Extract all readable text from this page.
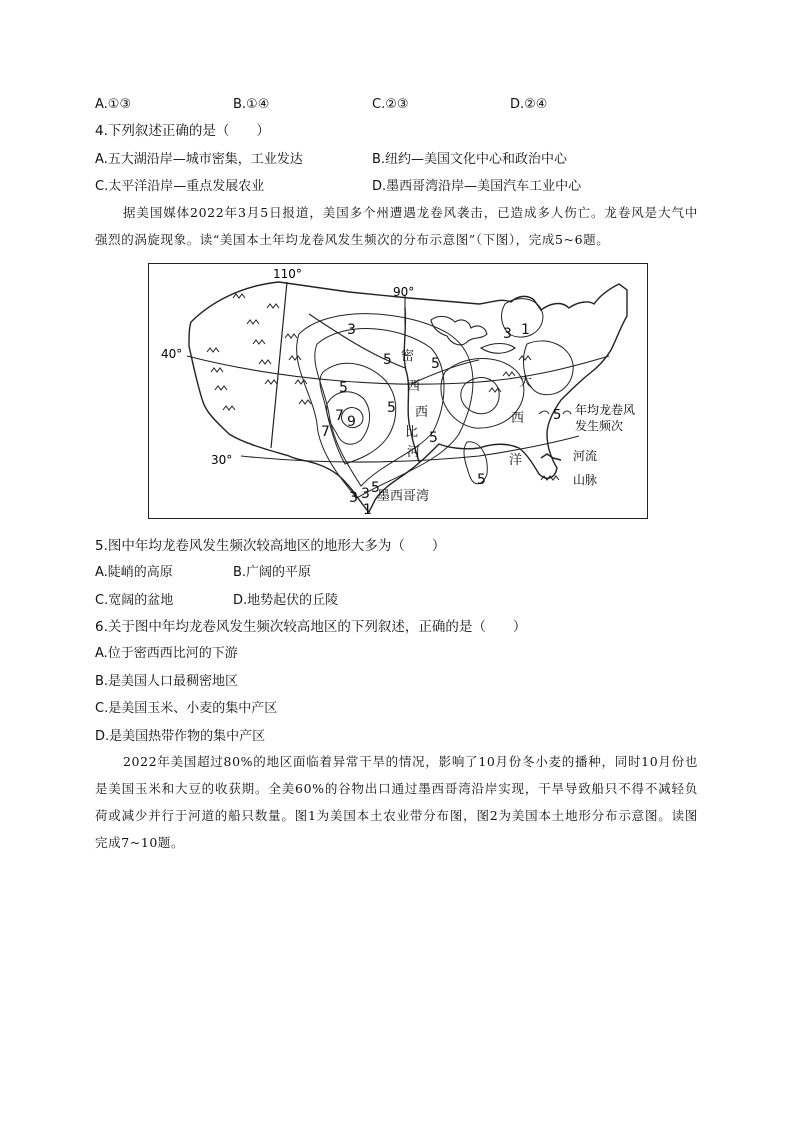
A.①③	B.①④	C.②③	D.②④
4.下列叙述正确的是（　　）
A.五大湖沿岸—城市密集，工业发达	B.纽约—美国文化中心和政治中心
C.太平洋沿岸—重点发展农业	D.墨西哥湾沿岸—美国汽车工业中心

据美国媒体2022年3月5日报道，美国多个州遭遇龙卷风袭击，已造成多人伤亡。龙卷风是大气中强烈的涡旋现象。读“美国本土年均龙卷风发生频次的分布示意图”（下图），完成5~6题。

110°
90°
40°
30°
3
5
5
7 9
7
5
5
5
3
3 1
3
1
5	5
密
西
西
比
河
大
西
洋
墨西哥湾
5 年均龙卷风
发生频次
河流
山脉
5.图中年均龙卷风发生频次较高地区的地形大多为（　　）
A.陡峭的高原	B.广阔的平原
C.宽阔的盆地	D.地势起伏的丘陵
6.关于图中年均龙卷风发生频次较高地区的下列叙述，正确的是（　　）
A.位于密西西比河的下游
B.是美国人口最稠密地区
C.是美国玉米、小麦的集中产区
D.是美国热带作物的集中产区

2022年美国超过80%的地区面临着异常干旱的情况，影响了10月份冬小麦的播种，同时10月份也是美国玉米和大豆的收获期。全美60%的谷物出口通过墨西哥湾沿岸实现，干旱导致船只不得不减轻负荷或减少并行于河道的船只数量。图1为美国本土农业带分布图，图2为美国本土地形分布示意图。读图完成7~10题。
